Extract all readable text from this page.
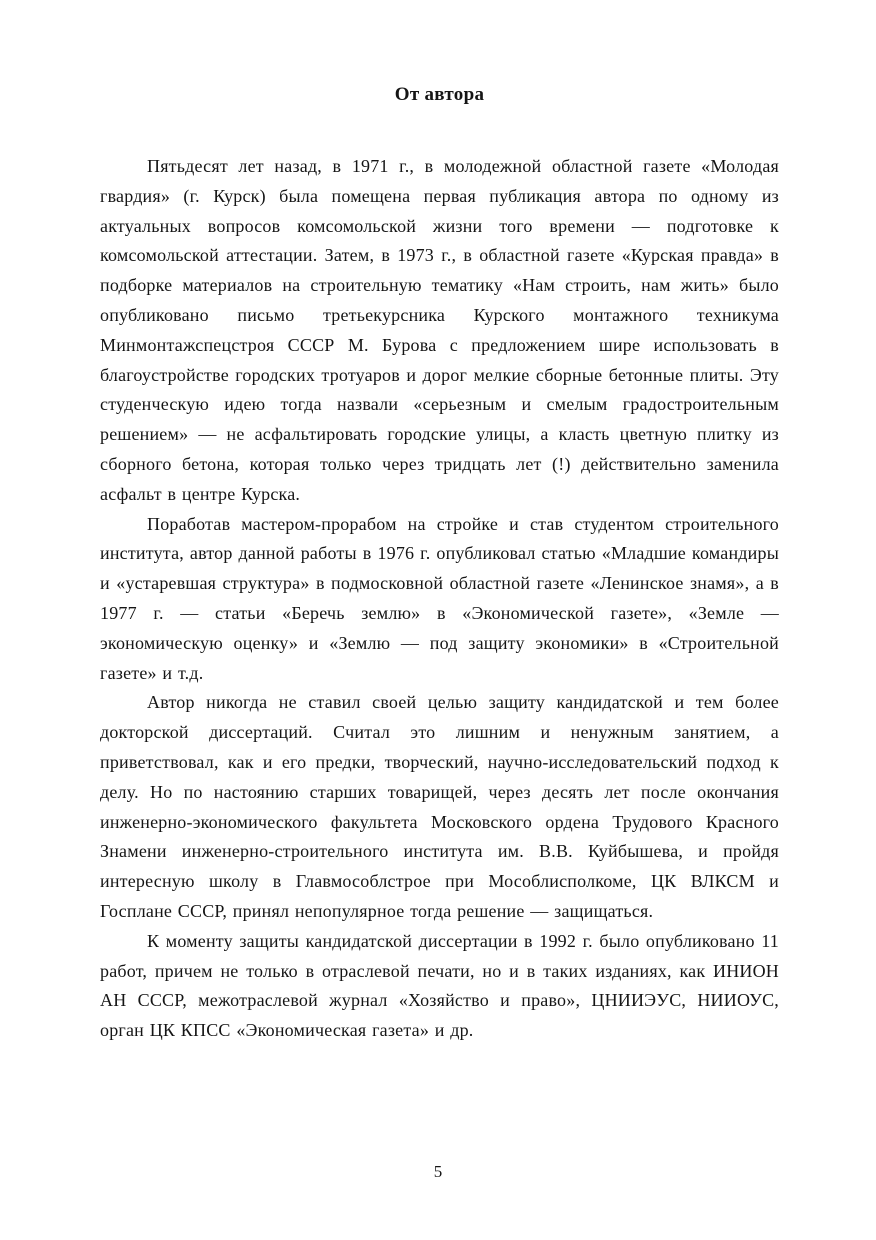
От автора

Пятьдесят лет назад, в 1971 г., в молодежной областной газете «Молодая гвардия» (г. Курск) была помещена первая публикация автора по одному из актуальных вопросов комсомольской жизни того времени — подготовке к комсомольской аттестации. Затем, в 1973 г., в областной газете «Курская правда» в подборке материалов на строительную тематику «Нам строить, нам жить» было опубликовано письмо третьекурсника Курского монтажного техникума Минмонтажспецстроя СССР М. Бурова с предложением шире использовать в благоустройстве городских тротуаров и дорог мелкие сборные бетонные плиты. Эту студенческую идею тогда назвали «серьезным и смелым градостроительным решением» — не асфальтировать городские улицы, а класть цветную плитку из сборного бетона, которая только через тридцать лет (!) действительно заменила асфальт в центре Курска.

Поработав мастером-прорабом на стройке и став студентом строительного института, автор данной работы в 1976 г. опубликовал статью «Младшие командиры и «устаревшая структура» в подмосковной областной газете «Ленинское знамя», а в 1977 г. — статьи «Беречь землю» в «Экономической газете», «Земле — экономическую оценку» и «Землю — под защиту экономики» в «Строительной газете» и т.д.

Автор никогда не ставил своей целью защиту кандидатской и тем более докторской диссертаций. Считал это лишним и ненужным занятием, а приветствовал, как и его предки, творческий, научно-исследовательский подход к делу. Но по настоянию старших товарищей, через десять лет после окончания инженерно-экономического факультета Московского ордена Трудового Красного Знамени инженерно-строительного института им. В.В. Куйбышева, и пройдя интересную школу в Главмособлстрое при Мособлисполкоме, ЦК ВЛКСМ и Госплане СССР, принял непопулярное тогда решение — защищаться.

К моменту защиты кандидатской диссертации в 1992 г. было опубликовано 11 работ, причем не только в отраслевой печати, но и в таких изданиях, как ИНИОН АН СССР, межотраслевой журнал «Хозяйство и право», ЦНИИЭУС, НИИОУС, орган ЦК КПСС «Экономическая газета» и др.

5
